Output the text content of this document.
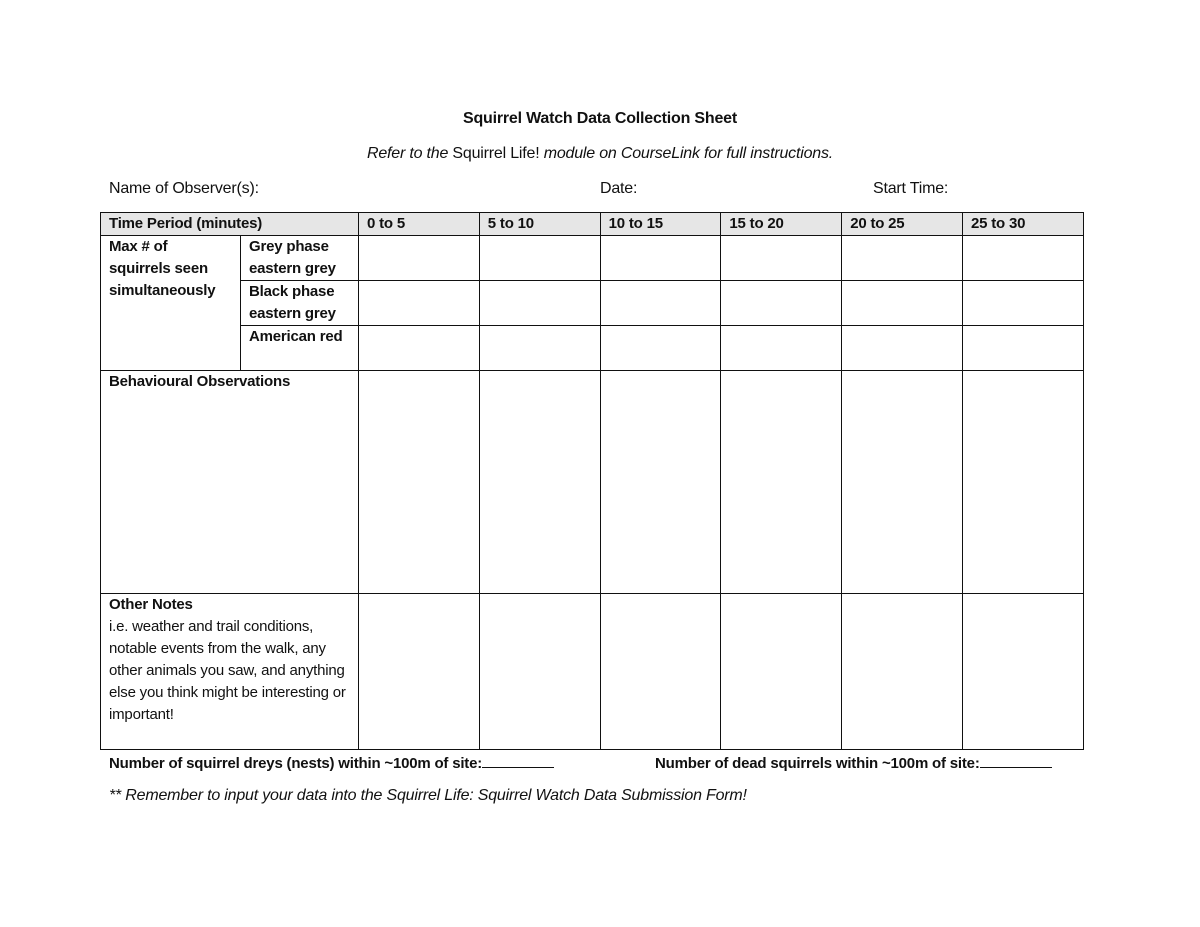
Squirrel Watch Data Collection Sheet
Refer to the Squirrel Life! module on CourseLink for full instructions.
Name of Observer(s):	Date:	Start Time:
Time Period (minutes)		0 to 5	5 to 10	10 to 15	15 to 20	20 to 25	25 to 30
Max # of squirrels seen simultaneously	Grey phase eastern grey						
	Black phase eastern grey						
	American red						
Behavioural Observations							

Other Notes
i.e. weather and trail conditions, notable events from the walk, any other animals you saw, and anything else you think might be interesting or important!							

Number of squirrel dreys (nests) within ~100m of site:	Number of dead squirrels within ~100m of site:
** Remember to input your data into the Squirrel Life: Squirrel Watch Data Submission Form!
